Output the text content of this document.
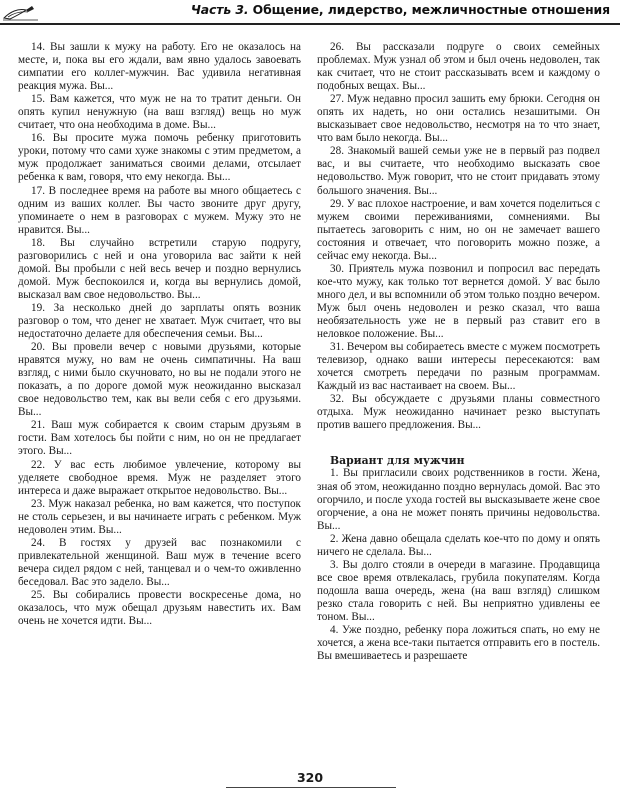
Часть 3. Общение, лидерство, межличностные отношения

14. Вы зашли к мужу на работу. Его не оказалось на месте, и, пока вы его ждали, вам явно удалось завоевать симпатии его коллег-мужчин. Вас удивила негативная реакция мужа. Вы...

15. Вам кажется, что муж не на то тратит деньги. Он опять купил ненужную (на ваш взгляд) вещь но муж считает, что она необходима в доме. Вы...

16. Вы просите мужа помочь ребенку приготовить уроки, потому что сами хуже знакомы с этим предметом, а муж продолжает заниматься своими делами, отсылает ребенка к вам, говоря, что ему некогда. Вы...

17. В последнее время на работе вы много общаетесь с одним из ваших коллег. Вы часто звоните друг другу, упоминаете о нем в разговорах с мужем. Мужу это не нравится. Вы...

18. Вы случайно встретили старую подругу, разговорились с ней и она уговорила вас зайти к ней домой. Вы пробыли с ней весь вечер и поздно вернулись домой. Муж беспокоился и, когда вы вернулись домой, высказал вам свое недовольство. Вы...

19. За несколько дней до зарплаты опять возник разговор о том, что денег не хватает. Муж считает, что вы недостаточно делаете для обеспечения семьи. Вы...

20. Вы провели вечер с новыми друзьями, которые нравятся мужу, но вам не очень симпатичны. На ваш взгляд, с ними было скучновато, но вы не подали этого не показать, а по дороге домой муж неожиданно высказал свое недовольство тем, как вы вели себя с его друзьями. Вы...

21. Ваш муж собирается к своим старым друзьям в гости. Вам хотелось бы пойти с ним, но он не предлагает этого. Вы...

22. У вас есть любимое увлечение, которому вы уделяете свободное время. Муж не разделяет этого интереса и даже выражает открытое недовольство. Вы...

23. Муж наказал ребенка, но вам кажется, что поступок не столь серьезен, и вы начинаете играть с ребенком. Муж недоволен этим. Вы...

24. В гостях у друзей вас познакомили с привлекательной женщиной. Ваш муж в течение всего вечера сидел рядом с ней, танцевал и о чем-то оживленно беседовал. Вас это задело. Вы...

25. Вы собирались провести воскресенье дома, но оказалось, что муж обещал друзьям навестить их. Вам очень не хочется идти. Вы...

26. Вы рассказали подруге о своих семейных проблемах. Муж узнал об этом и был очень недоволен, так как считает, что не стоит рассказывать всем и каждому о подобных вещах. Вы...

27. Муж недавно просил зашить ему брюки. Сегодня он опять их надеть, но они остались незашитыми. Он высказывает свое недовольство, несмотря на то что знает, что вам было некогда. Вы...

28. Знакомый вашей семьи уже не в первый раз подвел вас, и вы считаете, что необходимо высказать свое недовольство. Муж говорит, что не стоит придавать этому большого значения. Вы...

29. У вас плохое настроение, и вам хочется поделиться с мужем своими переживаниями, сомнениями. Вы пытаетесь заговорить с ним, но он не замечает вашего состояния и отвечает, что поговорить можно позже, а сейчас ему некогда. Вы...

30. Приятель мужа позвонил и попросил вас передать кое-что мужу, как только тот вернется домой. У вас было много дел, и вы вспомнили об этом только поздно вечером. Муж был очень недоволен и резко сказал, что ваша необязательность уже не в первый раз ставит его в неловкое положение. Вы...

31. Вечером вы собираетесь вместе с мужем посмотреть телевизор, однако ваши интересы пересекаются: вам хочется смотреть передачи по разным программам. Каждый из вас настаивает на своем. Вы...

32. Вы обсуждаете с друзьями планы совместного отдыха. Муж неожиданно начинает резко выступать против вашего предложения. Вы...

Вариант для мужчин

1. Вы пригласили своих родственников в гости. Жена, зная об этом, неожиданно поздно вернулась домой. Вас это огорчило, и после ухода гостей вы высказываете жене свое огорчение, а она не может понять причины недовольства. Вы...

2. Жена давно обещала сделать кое-что по дому и опять ничего не сделала. Вы...

3. Вы долго стояли в очереди в магазине. Продавщица все свое время отвлекалась, грубила покупателям. Когда подошла ваша очередь, жена (на ваш взгляд) слишком резко стала говорить с ней. Вы неприятно удивлены ее тоном. Вы...

4. Уже поздно, ребенку пора ложиться спать, но ему не хочется, а жена все-таки пытается отправить его в постель. Вы вмешиваетесь и разрешаете

320
